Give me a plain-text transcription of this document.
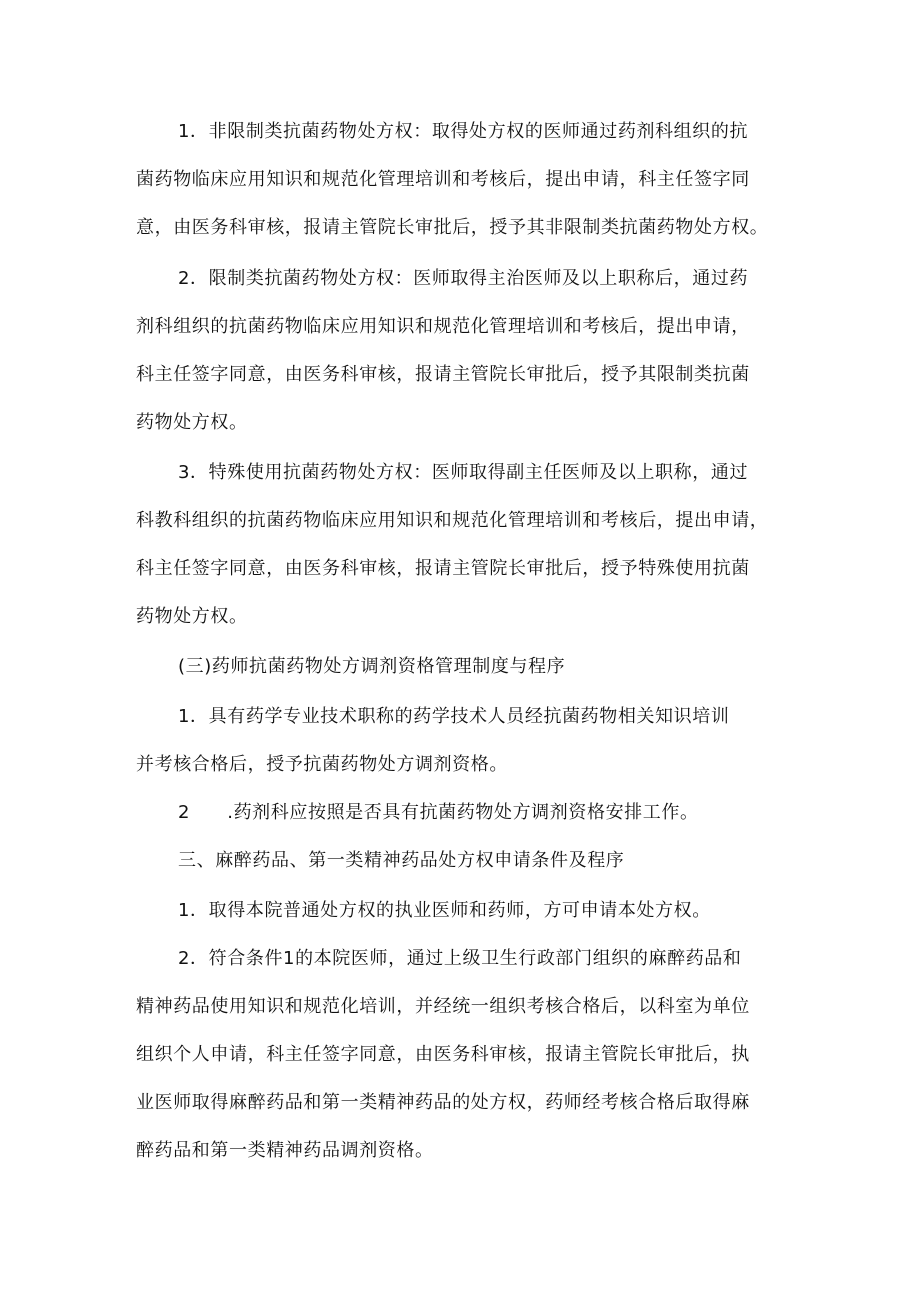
1．非限制类抗菌药物处方权：取得处方权的医师通过药剂科组织的抗
菌药物临床应用知识和规范化管理培训和考核后，提出申请，科主任签字同
意，由医务科审核，报请主管院长审批后，授予其非限制类抗菌药物处方权。
2．限制类抗菌药物处方权：医师取得主治医师及以上职称后，通过药
剂科组织的抗菌药物临床应用知识和规范化管理培训和考核后，提出申请，
科主任签字同意，由医务科审核，报请主管院长审批后，授予其限制类抗菌
药物处方权。
3．特殊使用抗菌药物处方权：医师取得副主任医师及以上职称，通过
科教科组织的抗菌药物临床应用知识和规范化管理培训和考核后，提出申请，
科主任签字同意，由医务科审核，报请主管院长审批后，授予特殊使用抗菌
药物处方权。
(三)药师抗菌药物处方调剂资格管理制度与程序
1．具有药学专业技术职称的药学技术人员经抗菌药物相关知识培训
并考核合格后，授予抗菌药物处方调剂资格。
2　　.药剂科应按照是否具有抗菌药物处方调剂资格安排工作。
三、麻醉药品、第一类精神药品处方权申请条件及程序
1．取得本院普通处方权的执业医师和药师，方可申请本处方权。
2．符合条件1的本院医师，通过上级卫生行政部门组织的麻醉药品和
精神药品使用知识和规范化培训，并经统一组织考核合格后，以科室为单位
组织个人申请，科主任签字同意，由医务科审核，报请主管院长审批后，执
业医师取得麻醉药品和第一类精神药品的处方权，药师经考核合格后取得麻
醉药品和第一类精神药品调剂资格。
